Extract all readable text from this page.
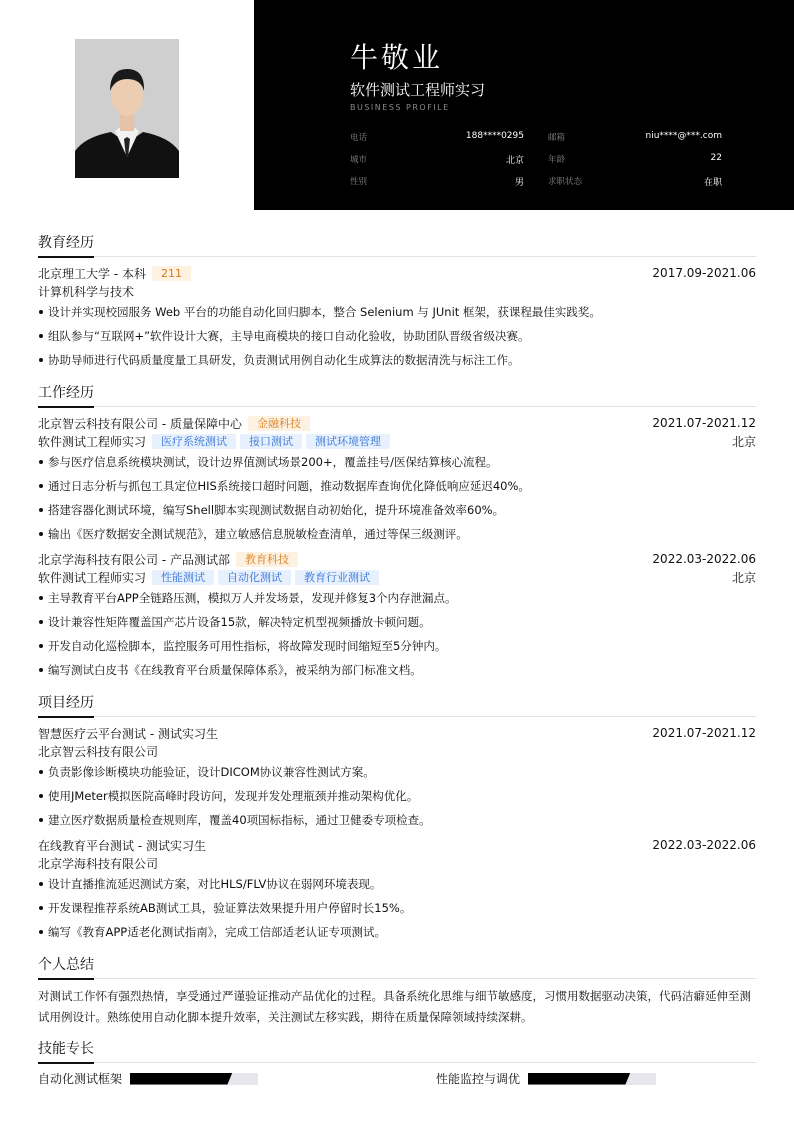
牛敬业
软件测试工程师实习
BUSINESS PROFILE
电话	188****0295	邮箱	niu****@***.com
城市	北京	年龄	22
性别	男	求职状态	在职
教育经历
北京理工大学 - 本科	211	2017.09-2021.06
计算机科学与技术
设计并实现校园服务 Web 平台的功能自动化回归脚本，整合 Selenium 与 JUnit 框架，获课程最佳实践奖。
组队参与“互联网+”软件设计大赛，主导电商模块的接口自动化验收，协助团队晋级省级决赛。
协助导师进行代码质量度量工具研发，负责测试用例自动化生成算法的数据清洗与标注工作。
工作经历
北京智云科技有限公司 - 质量保障中心	金融科技	2021.07-2021.12
软件测试工程师实习	医疗系统测试	接口测试	测试环境管理	北京
参与医疗信息系统模块测试，设计边界值测试场景200+，覆盖挂号/医保结算核心流程。
通过日志分析与抓包工具定位HIS系统接口超时问题，推动数据库查询优化降低响应延迟40%。
搭建容器化测试环境，编写Shell脚本实现测试数据自动初始化，提升环境准备效率60%。
输出《医疗数据安全测试规范》，建立敏感信息脱敏检查清单，通过等保三级测评。
北京学海科技有限公司 - 产品测试部	教育科技	2022.03-2022.06
软件测试工程师实习	性能测试	自动化测试	教育行业测试	北京
主导教育平台APP全链路压测，模拟万人并发场景，发现并修复3个内存泄漏点。
设计兼容性矩阵覆盖国产芯片设备15款，解决特定机型视频播放卡顿问题。
开发自动化巡检脚本，监控服务可用性指标，将故障发现时间缩短至5分钟内。
编写测试白皮书《在线教育平台质量保障体系》，被采纳为部门标准文档。
项目经历
智慧医疗云平台测试 - 测试实习生	2021.07-2021.12
北京智云科技有限公司
负责影像诊断模块功能验证，设计DICOM协议兼容性测试方案。
使用JMeter模拟医院高峰时段访问，发现并发处理瓶颈并推动架构优化。
建立医疗数据质量检查规则库，覆盖40项国标指标，通过卫健委专项检查。
在线教育平台测试 - 测试实习生	2022.03-2022.06
北京学海科技有限公司
设计直播推流延迟测试方案，对比HLS/FLV协议在弱网环境表现。
开发课程推荐系统AB测试工具，验证算法效果提升用户停留时长15%。
编写《教育APP适老化测试指南》，完成工信部适老认证专项测试。
个人总结

对测试工作怀有强烈热情，享受通过严谨验证推动产品优化的过程。具备系统化思维与细节敏感度，习惯用数据驱动决策，代码洁癖延伸至测试用例设计。熟练使用自动化脚本提升效率，关注测试左移实践，期待在质量保障领域持续深耕。

技能专长
自动化测试框架	性能监控与调优
